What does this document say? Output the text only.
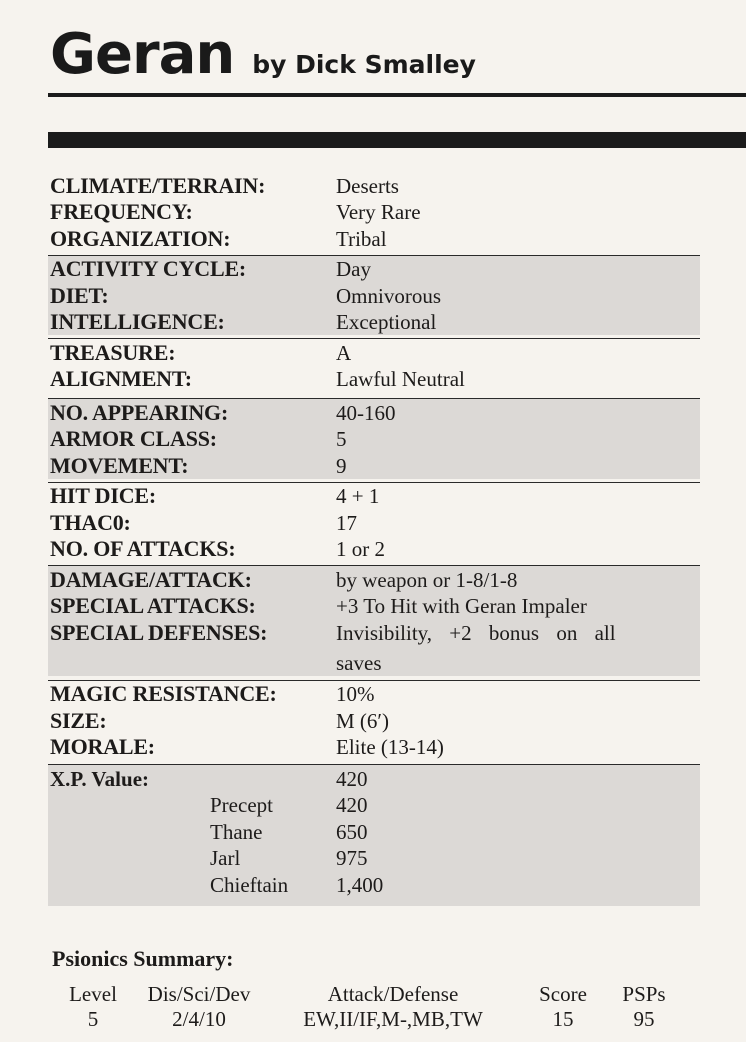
Geran by Dick Smalley
CLIMATE/TERRAIN:	Deserts
FREQUENCY:	Very Rare
ORGANIZATION:	Tribal
ACTIVITY CYCLE:	Day
DIET:	Omnivorous
INTELLIGENCE:	Exceptional
TREASURE:	A
ALIGNMENT:	Lawful Neutral
NO. APPEARING:	40-160
ARMOR CLASS:	5
MOVEMENT:	9
HIT DICE:	4 + 1
THAC0:	17
NO. OF ATTACKS:	1 or 2
DAMAGE/ATTACK:	by weapon or 1-8/1-8
SPECIAL ATTACKS:	+3 To Hit with Geran Impaler
SPECIAL DEFENSES:	Invisibility, +2 bonus on all
saves
MAGIC RESISTANCE:	10%
SIZE:	M (6′)
MORALE:	Elite (13-14)
X.P. Value:	420
Precept	420
Thane	650
Jarl	975
Chieftain	1,400
Psionics Summary:
Level	Dis/Sci/Dev	Attack/Defense	Score	PSPs
5	2/4/10	EW,II/IF,M-,MB,TW	15	95
